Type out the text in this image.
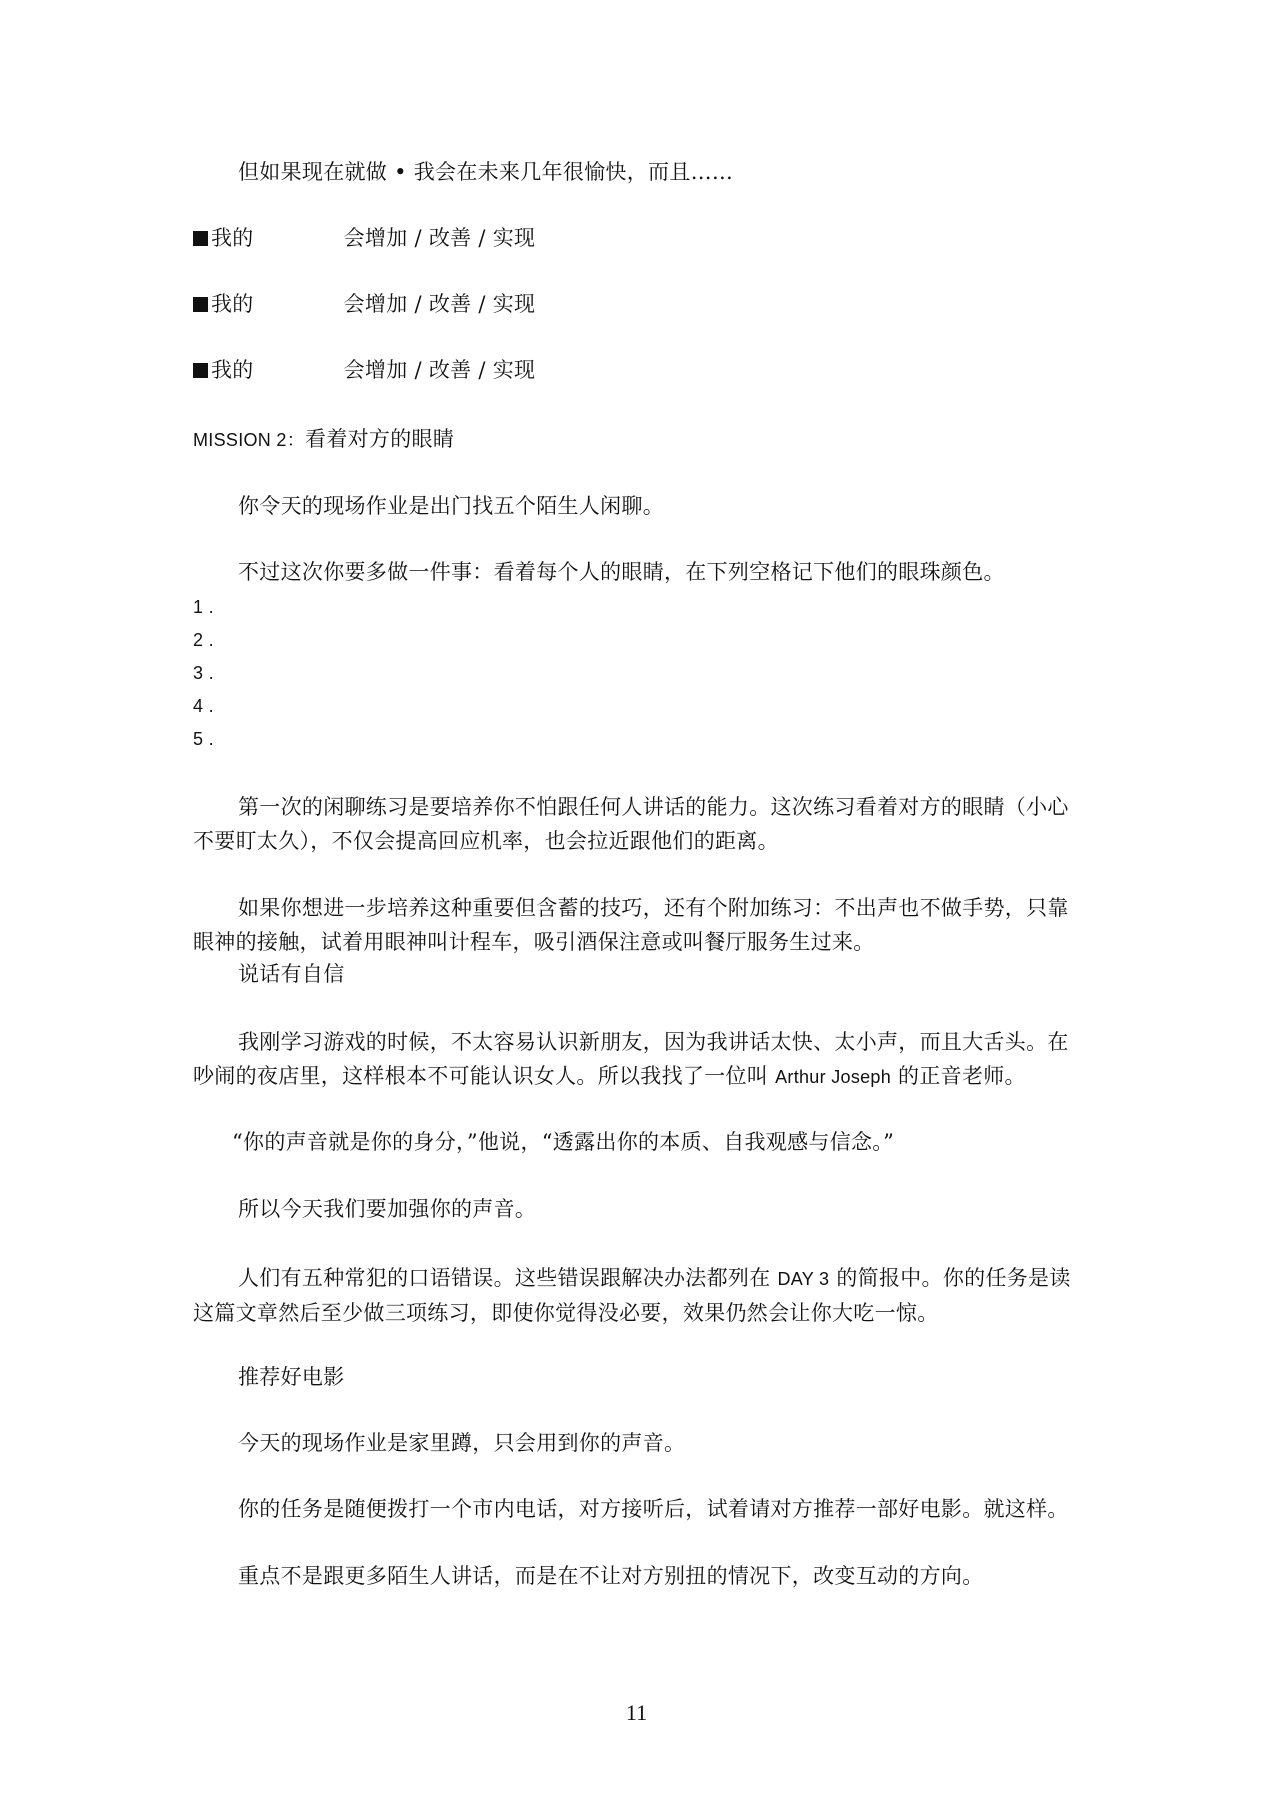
但如果现在就做 • 我会在未来几年很愉快，而且……
我的	会增加 / 改善 / 实现
我的	会增加 / 改善 / 实现
我的	会增加 / 改善 / 实现
MISSION 2：看着对方的眼睛
你令天的现场作业是出门找五个陌生人闲聊。
不过这次你要多做一件事：看着每个人的眼睛，在下列空格记下他们的眼珠颜色。
1 .
2 .
3 .
4 .
5 .
第一次的闲聊练习是要培养你不怕跟任何人讲话的能力。这次练习看着对方的眼睛（小心不要盯太久），不仅会提高回应机率，也会拉近跟他们的距离。
如果你想进一步培养这种重要但含蓄的技巧，还有个附加练习：不出声也不做手势，只靠眼神的接触，试着用眼神叫计程车，吸引酒保注意或叫餐厅服务生过来。
说话有自信
我刚学习游戏的时候，不太容易认识新朋友，因为我讲话太快、太小声，而且大舌头。在吵闹的夜店里，这样根本不可能认识女人。所以我找了一位叫 Arthur Joseph 的正音老师。
“你的声音就是你的身分，”他说，“透露出你的本质、自我观感与信念。”
所以今天我们要加强你的声音。
人们有五种常犯的口语错误。这些错误跟解决办法都列在 DAY 3 的简报中。你的任务是读这篇文章然后至少做三项练习，即使你觉得没必要，效果仍然会让你大吃一惊。
推荐好电影
今天的现场作业是家里蹲，只会用到你的声音。
你的任务是随便拨打一个市内电话，对方接听后，试着请对方推荐一部好电影。就这样。
重点不是跟更多陌生人讲话，而是在不让对方别扭的情况下，改变互动的方向。
11
